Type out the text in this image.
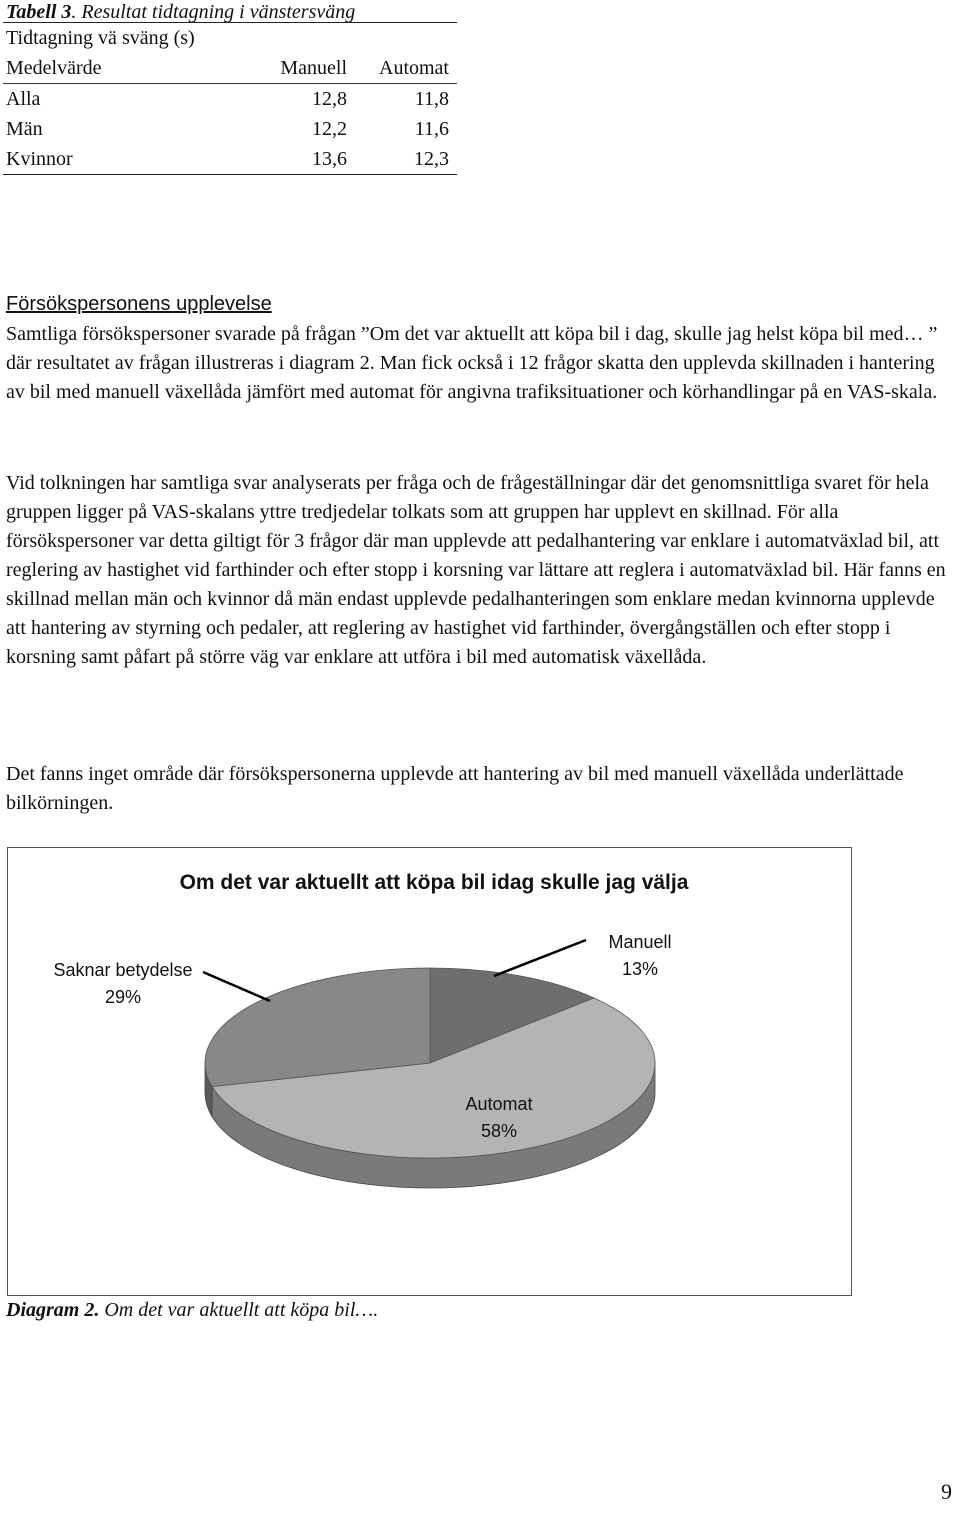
Tabell 3. Resultat tidtagning i vänstersväng
Tidtagning vä sväng (s)
Medelvärde	Manuell Automat
Alla	12,8	11,8
Män	12,2	11,6
Kvinnor	13,6	12,3
Försökspersonens upplevelse
Samtliga försökspersoner svarade på frågan ”Om det var aktuellt att köpa bil i dag, skulle jag helst köpa bil med… ” där resultatet av frågan illustreras i diagram 2. Man fick också i 12 frågor skatta den upplevda skillnaden i hantering av bil med manuell växellåda jämfört med automat för angivna trafiksituationer och körhandlingar på en VAS-skala.
Vid tolkningen har samtliga svar analyserats per fråga och de frågeställningar där det genomsnittliga svaret för hela gruppen ligger på VAS-skalans yttre tredjedelar tolkats som att gruppen har upplevt en skillnad. För alla försökspersoner var detta giltigt för 3 frågor där man upplevde att pedalhantering var enklare i automatväxlad bil, att reglering av hastighet vid farthinder och efter stopp i korsning var lättare att reglera i automatväxlad bil. Här fanns en skillnad mellan män och kvinnor då män endast upplevde pedalhanteringen som enklare medan kvinnorna upplevde att hantering av styrning och pedaler, att reglering av hastighet vid farthinder, övergångställen och efter stopp i korsning samt påfart på större väg var enklare att utföra i bil med automatisk växellåda.
Det fanns inget område där försökspersonerna upplevde att hantering av bil med manuell växellåda underlättade bilkörningen.
Om det var aktuellt att köpa bil idag skulle jag välja
Manuell
13%
Automat
58%
Saknar betydelse
29%
Diagram 2. Om det var aktuellt att köpa bil….
9
